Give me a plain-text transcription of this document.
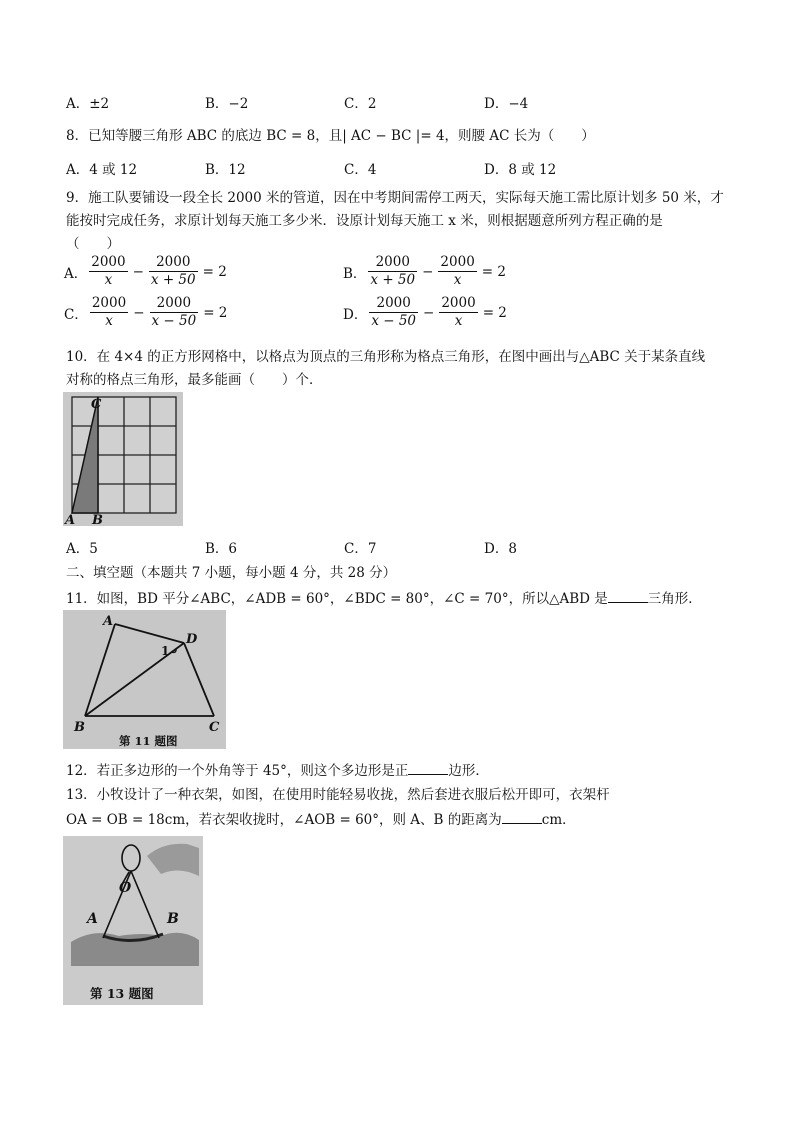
A．±2	B．−2	C．2	D．−4
8．已知等腰三角形 ABC 的底边 BC = 8，且| AC − BC |= 4，则腰 AC 长为（　　）
A．4 或 12	B．12	C．4	D．8 或 12
9．施工队要铺设一段全长 2000 米的管道，因在中考期间需停工两天，实际每天施工需比原计划多 50 米，才
能按时完成任务，求原计划每天施工多少米．设原计划每天施工 x 米，则根据题意所列方程正确的是
（　　）
A． $\frac{2000}{x} - \frac{2000}{x + 50} = 2$	B． $\frac{2000}{x + 50} - \frac{2000}{x} = 2$
C． $\frac{2000}{x} - \frac{2000}{x - 50} = 2$	D． $\frac{2000}{x - 50} - \frac{2000}{x} = 2$
10．在 4×4 的正方形网格中，以格点为顶点的三角形称为格点三角形，在图中画出与△ABC 关于某条直线
对称的格点三角形，最多能画（　　）个．
C
A B
A．5	B．6	C．7	D．8
二、填空题（本题共 7 小题，每小题 4 分，共 28 分）
11．如图，BD 平分∠ABC，∠ADB = 60°，∠BDC = 80°，∠C = 70°，所以△ABD 是	三角形．
A
D
1
B	C
第 11 题图
12．若正多边形的一个外角等于 45°，则这个多边形是正	边形．
13．小牧设计了一种衣架，如图，在使用时能轻易收拢，然后套进衣服后松开即可，衣架杆
OA = OB = 18cm，若衣架收拢时，∠AOB = 60°，则 A、B 的距离为	cm．
O
A	B
第 13 题图
